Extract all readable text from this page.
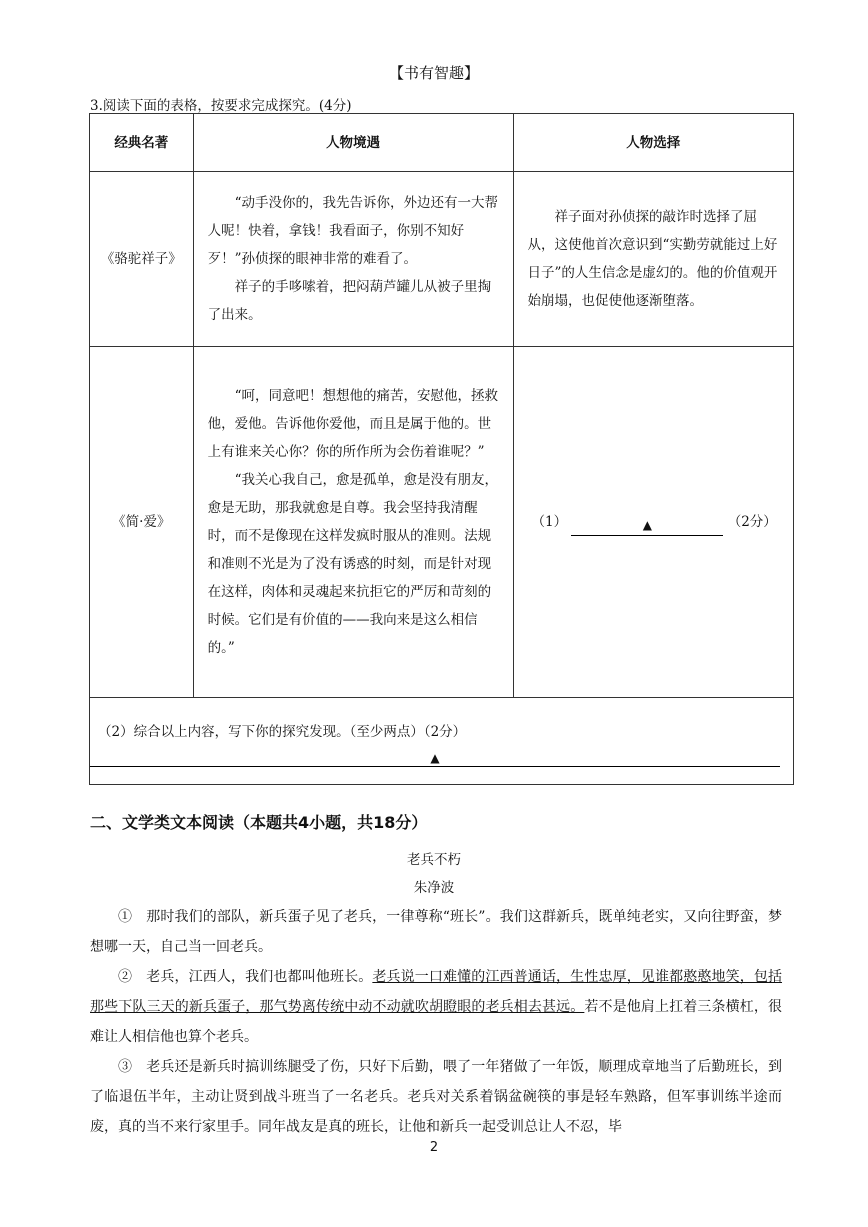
【书有智趣】
3.阅读下面的表格，按要求完成探究。(4分)
经典名著	人物境遇	人物选择
《骆驼祥子》	“动手没你的，我先告诉你，外边还有一大帮人呢！快着，拿钱！我看面子，你别不知好歹！”孙侦探的眼神非常的难看了。

祥子的手哆嗦着，把闷葫芦罐儿从被子里掏了出来。	祥子面对孙侦探的敲诈时选择了屈从，这使他首次意识到“实勤劳就能过上好日子”的人生信念是虚幻的。他的价值观开始崩塌，也促使他逐渐堕落。

《简·爱》	“呵，同意吧！想想他的痛苦，安慰他，拯救他，爱他。告诉他你爱他，而且是属于他的。世上有谁来关心你？你的所作所为会伤着谁呢？”

“我关心我自己，愈是孤单，愈是没有朋友，愈是无助，那我就愈是自尊。我会坚持我清醒时，而不是像现在这样发疯时服从的准则。法规和准则不光是为了没有诱惑的时刻，而是针对现在这样，肉体和灵魂起来抗拒它的严厉和苛刻的时候。它们是有价值的——我向来是这么相信的。”	（1） ▲ （2分）

（2）综合以上内容，写下你的探究发现。（至少两点）（2分）
▲		
二、文学类文本阅读（本题共4小题，共18分）
老兵不朽
朱净波

①　那时我们的部队，新兵蛋子见了老兵，一律尊称“班长”。我们这群新兵，既单纯老实，又向往野蛮，梦想哪一天，自己当一回老兵。

②　老兵，江西人，我们也都叫他班长。老兵说一口难懂的江西普通话，生性忠厚，见谁都憨憨地笑，包括那些下队三天的新兵蛋子，那气势离传统中动不动就吹胡瞪眼的老兵相去甚远。若不是他肩上扛着三条横杠，很难让人相信他也算个老兵。

③　老兵还是新兵时搞训练腿受了伤，只好下后勤，喂了一年猪做了一年饭，顺理成章地当了后勤班长，到了临退伍半年，主动让贤到战斗班当了一名老兵。老兵对关系着锅盆碗筷的事是轻车熟路，但军事训练半途而废，真的当不来行家里手。同年战友是真的班长，让他和新兵一起受训总让人不忍，毕

2
